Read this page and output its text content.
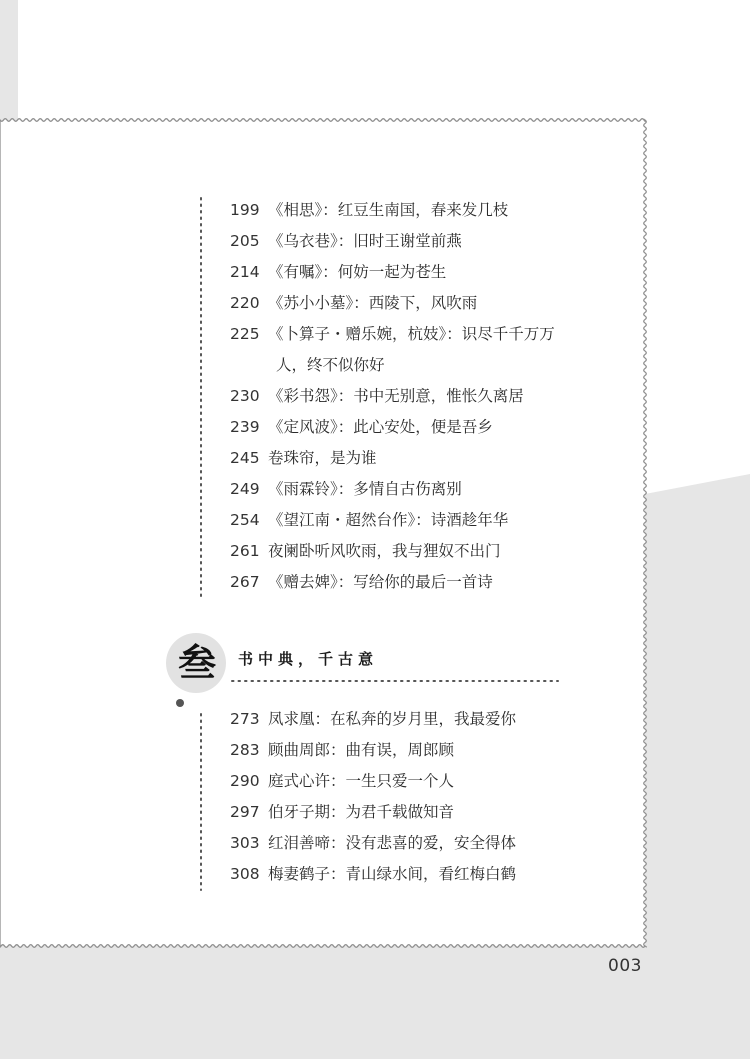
叁	书中典，千古意
199 《相思》：红豆生南国，春来发几枝
205 《乌衣巷》：旧时王谢堂前燕
214 《有嘱》：何妨一起为苍生
220 《苏小小墓》：西陵下，风吹雨
225 《卜算子・赠乐婉，杭妓》：识尽千千万万
人，终不似你好
230 《彩书怨》：书中无别意，惟怅久离居
239 《定风波》：此心安处，便是吾乡
245 卷珠帘，是为谁
249 《雨霖铃》：多情自古伤离别
254 《望江南・超然台作》：诗酒趁年华
261 夜阑卧听风吹雨，我与狸奴不出门
267 《赠去婢》：写给你的最后一首诗
273 凤求凰：在私奔的岁月里，我最爱你
283 顾曲周郎：曲有误，周郎顾
290 庭式心许：一生只爱一个人
297 伯牙子期：为君千载做知音
303 红泪善啼：没有悲喜的爱，安全得体
308 梅妻鹤子：青山绿水间，看红梅白鹤
003
